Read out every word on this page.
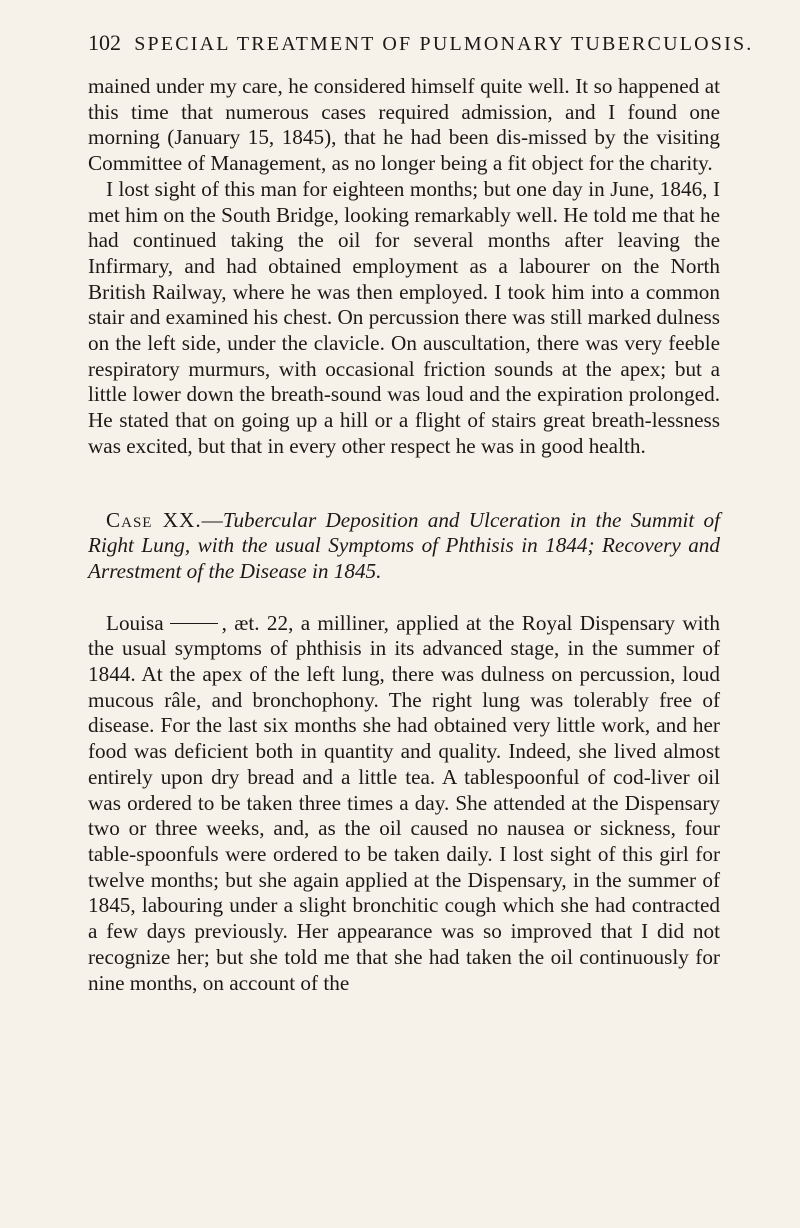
102 SPECIAL TREATMENT OF PULMONARY TUBERCULOSIS.

mained under my care, he considered himself quite well. It so happened at this time that numerous cases required admission, and I found one morning (January 15, 1845), that he had been dis-missed by the visiting Committee of Management, as no longer being a fit object for the charity.

I lost sight of this man for eighteen months; but one day in June, 1846, I met him on the South Bridge, looking remarkably well. He told me that he had continued taking the oil for several months after leaving the Infirmary, and had obtained employment as a labourer on the North British Railway, where he was then employed. I took him into a common stair and examined his chest. On percussion there was still marked dulness on the left side, under the clavicle. On auscultation, there was very feeble respiratory murmurs, with occasional friction sounds at the apex; but a little lower down the breath-sound was loud and the expiration prolonged. He stated that on going up a hill or a flight of stairs great breath-lessness was excited, but that in every other respect he was in good health.

Case XX.—Tubercular Deposition and Ulceration in the Summit of Right Lung, with the usual Symptoms of Phthisis in 1844; Recovery and Arrestment of the Disease in 1845.

Louisa	, æt. 22, a milliner, applied at the Royal Dispensary with the usual symptoms of phthisis in its advanced stage, in the summer of 1844. At the apex of the left lung, there was dulness on percussion, loud mucous râle, and bronchophony. The right lung was tolerably free of disease. For the last six months she had obtained very little work, and her food was deficient both in quantity and quality. Indeed, she lived almost entirely upon dry bread and a little tea. A tablespoonful of cod-liver oil was ordered to be taken three times a day. She attended at the Dispensary two or three weeks, and, as the oil caused no nausea or sickness, four table-spoonfuls were ordered to be taken daily. I lost sight of this girl for twelve months; but she again applied at the Dispensary, in the summer of 1845, labouring under a slight bronchitic cough which she had contracted a few days previously. Her appearance was so improved that I did not recognize her; but she told me that she had taken the oil continuously for nine months, on account of the
